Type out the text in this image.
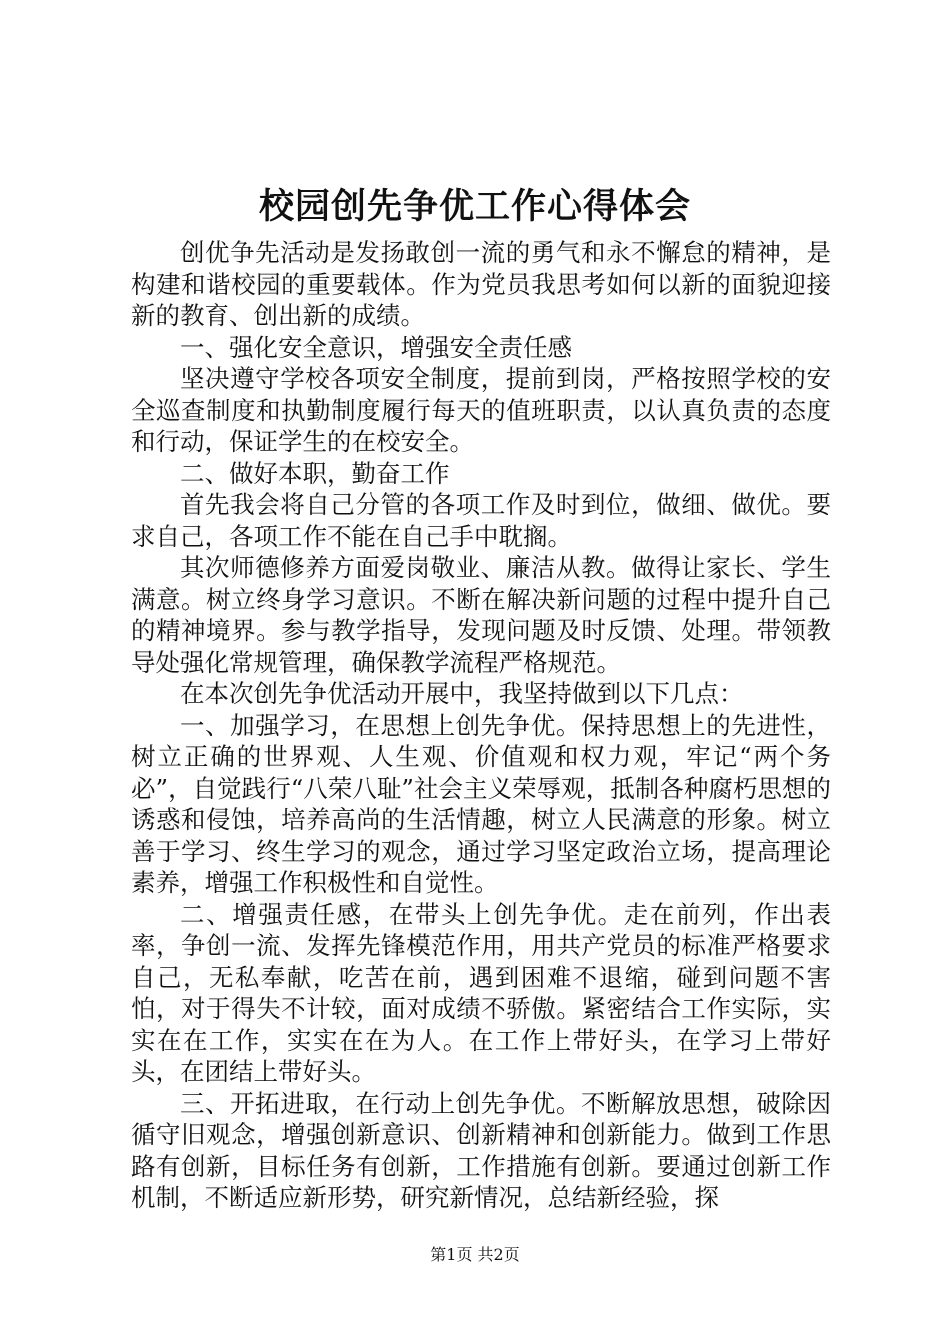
校园创先争优工作心得体会

创优争先活动是发扬敢创一流的勇气和永不懈怠的精神，是构建和谐校园的重要载体。作为党员我思考如何以新的面貌迎接新的教育、创出新的成绩。

一、强化安全意识，增强安全责任感

坚决遵守学校各项安全制度，提前到岗，严格按照学校的安全巡查制度和执勤制度履行每天的值班职责，以认真负责的态度和行动，保证学生的在校安全。

二、做好本职，勤奋工作

首先我会将自己分管的各项工作及时到位，做细、做优。要求自己，各项工作不能在自己手中耽搁。

其次师德修养方面爱岗敬业、廉洁从教。做得让家长、学生满意。树立终身学习意识。不断在解决新问题的过程中提升自己的精神境界。参与教学指导，发现问题及时反馈、处理。带领教导处强化常规管理，确保教学流程严格规范。

在本次创先争优活动开展中，我坚持做到以下几点：

一、加强学习，在思想上创先争优。保持思想上的先进性，树立正确的世界观、人生观、价值观和权力观，牢记“两个务必”，自觉践行“八荣八耻”社会主义荣辱观，抵制各种腐朽思想的诱惑和侵蚀，培养高尚的生活情趣，树立人民满意的形象。树立善于学习、终生学习的观念，通过学习坚定政治立场，提高理论素养，增强工作积极性和自觉性。

二、增强责任感，在带头上创先争优。走在前列，作出表率，争创一流、发挥先锋模范作用，用共产党员的标准严格要求自己，无私奉献，吃苦在前，遇到困难不退缩，碰到问题不害怕，对于得失不计较，面对成绩不骄傲。紧密结合工作实际，实实在在工作，实实在在为人。在工作上带好头，在学习上带好头，在团结上带好头。

三、开拓进取，在行动上创先争优。不断解放思想，破除因循守旧观念，增强创新意识、创新精神和创新能力。做到工作思路有创新，目标任务有创新，工作措施有创新。要通过创新工作机制，不断适应新形势，研究新情况，总结新经验，探

第1页 共2页
